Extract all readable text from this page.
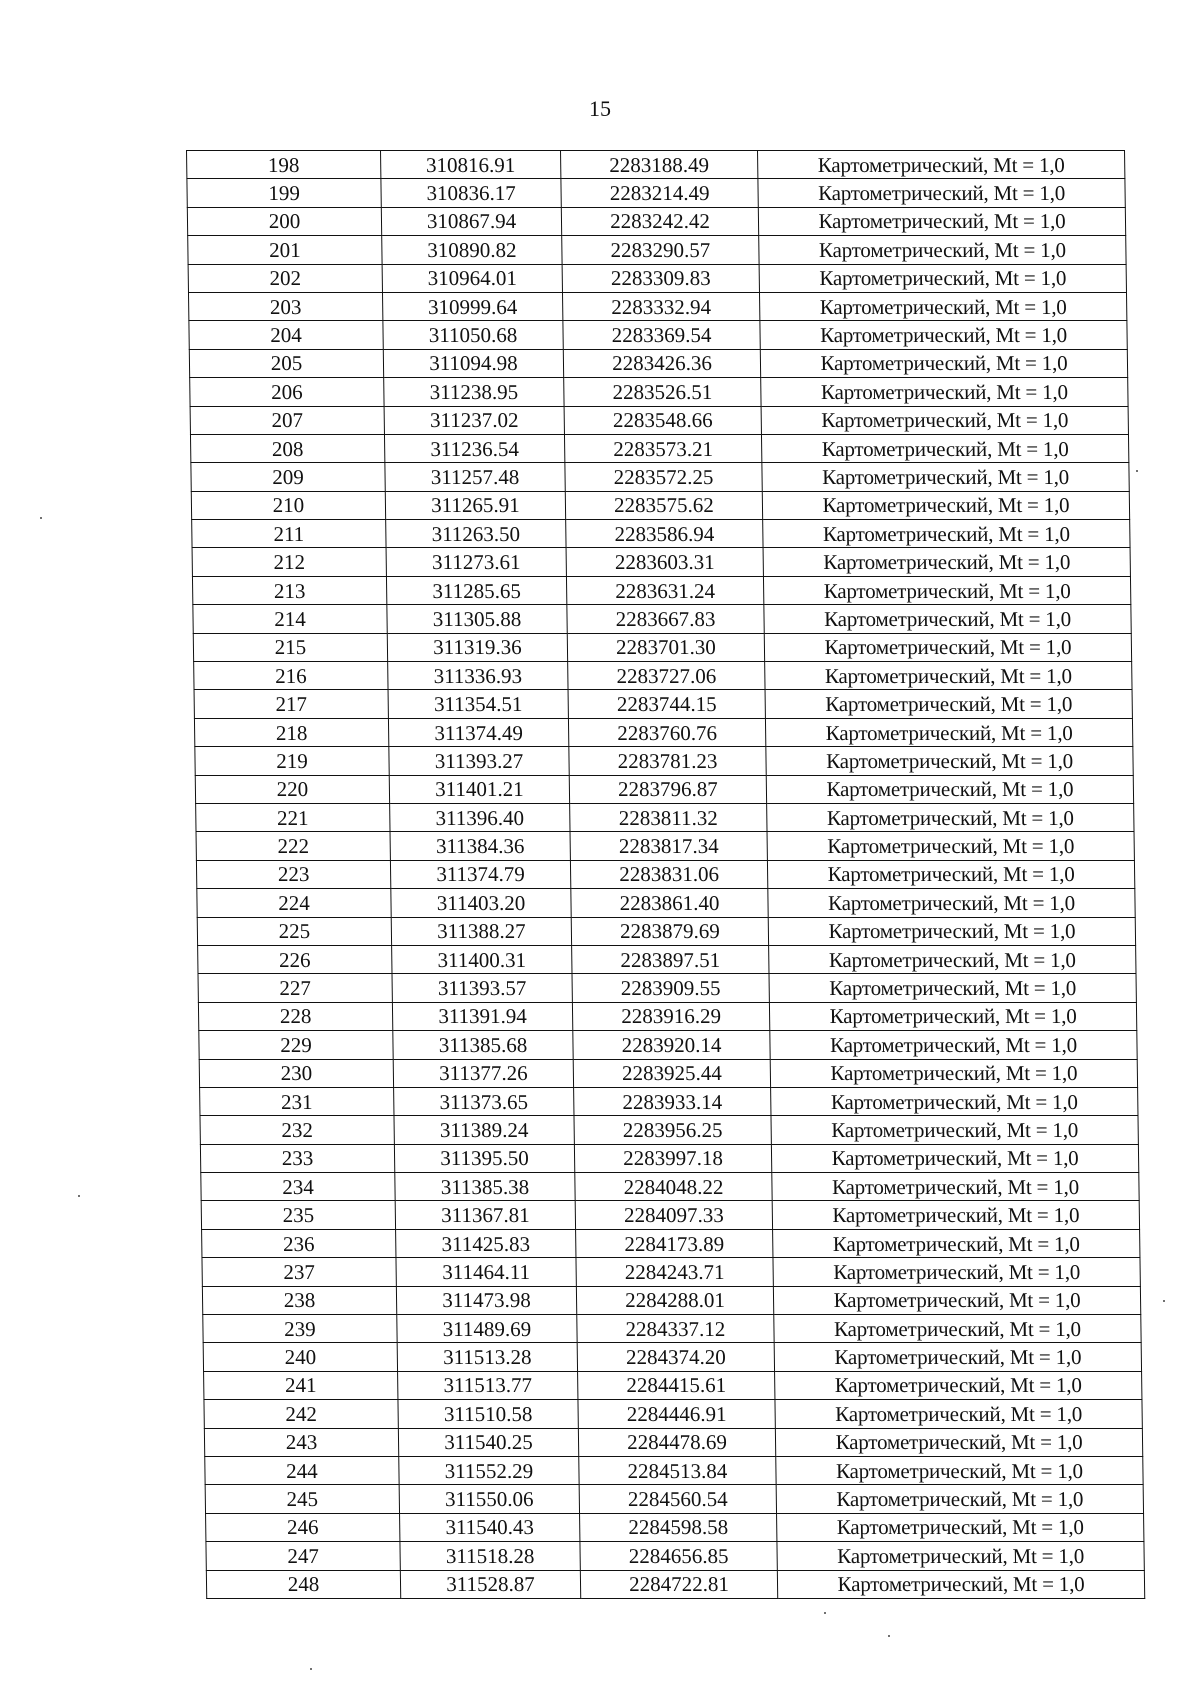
15
198	310816.91	2283188.49	Картометрический, Mt = 1,0
199	310836.17	2283214.49	Картометрический, Mt = 1,0
200	310867.94	2283242.42	Картометрический, Mt = 1,0
201	310890.82	2283290.57	Картометрический, Mt = 1,0
202	310964.01	2283309.83	Картометрический, Mt = 1,0
203	310999.64	2283332.94	Картометрический, Mt = 1,0
204	311050.68	2283369.54	Картометрический, Mt = 1,0
205	311094.98	2283426.36	Картометрический, Mt = 1,0
206	311238.95	2283526.51	Картометрический, Mt = 1,0
207	311237.02	2283548.66	Картометрический, Mt = 1,0
208	311236.54	2283573.21	Картометрический, Mt = 1,0
209	311257.48	2283572.25	Картометрический, Mt = 1,0
210	311265.91	2283575.62	Картометрический, Mt = 1,0
211	311263.50	2283586.94	Картометрический, Mt = 1,0
212	311273.61	2283603.31	Картометрический, Mt = 1,0
213	311285.65	2283631.24	Картометрический, Mt = 1,0
214	311305.88	2283667.83	Картометрический, Mt = 1,0
215	311319.36	2283701.30	Картометрический, Mt = 1,0
216	311336.93	2283727.06	Картометрический, Mt = 1,0
217	311354.51	2283744.15	Картометрический, Mt = 1,0
218	311374.49	2283760.76	Картометрический, Mt = 1,0
219	311393.27	2283781.23	Картометрический, Mt = 1,0
220	311401.21	2283796.87	Картометрический, Mt = 1,0
221	311396.40	2283811.32	Картометрический, Mt = 1,0
222	311384.36	2283817.34	Картометрический, Mt = 1,0
223	311374.79	2283831.06	Картометрический, Mt = 1,0
224	311403.20	2283861.40	Картометрический, Mt = 1,0
225	311388.27	2283879.69	Картометрический, Mt = 1,0
226	311400.31	2283897.51	Картометрический, Mt = 1,0
227	311393.57	2283909.55	Картометрический, Mt = 1,0
228	311391.94	2283916.29	Картометрический, Mt = 1,0
229	311385.68	2283920.14	Картометрический, Mt = 1,0
230	311377.26	2283925.44	Картометрический, Mt = 1,0
231	311373.65	2283933.14	Картометрический, Mt = 1,0
232	311389.24	2283956.25	Картометрический, Mt = 1,0
233	311395.50	2283997.18	Картометрический, Mt = 1,0
234	311385.38	2284048.22	Картометрический, Mt = 1,0
235	311367.81	2284097.33	Картометрический, Mt = 1,0
236	311425.83	2284173.89	Картометрический, Mt = 1,0
237	311464.11	2284243.71	Картометрический, Mt = 1,0
238	311473.98	2284288.01	Картометрический, Mt = 1,0
239	311489.69	2284337.12	Картометрический, Mt = 1,0
240	311513.28	2284374.20	Картометрический, Mt = 1,0
241	311513.77	2284415.61	Картометрический, Mt = 1,0
242	311510.58	2284446.91	Картометрический, Mt = 1,0
243	311540.25	2284478.69	Картометрический, Mt = 1,0
244	311552.29	2284513.84	Картометрический, Mt = 1,0
245	311550.06	2284560.54	Картометрический, Mt = 1,0
246	311540.43	2284598.58	Картометрический, Mt = 1,0
247	311518.28	2284656.85	Картометрический, Mt = 1,0
248	311528.87	2284722.81	Картометрический, Mt = 1,0
